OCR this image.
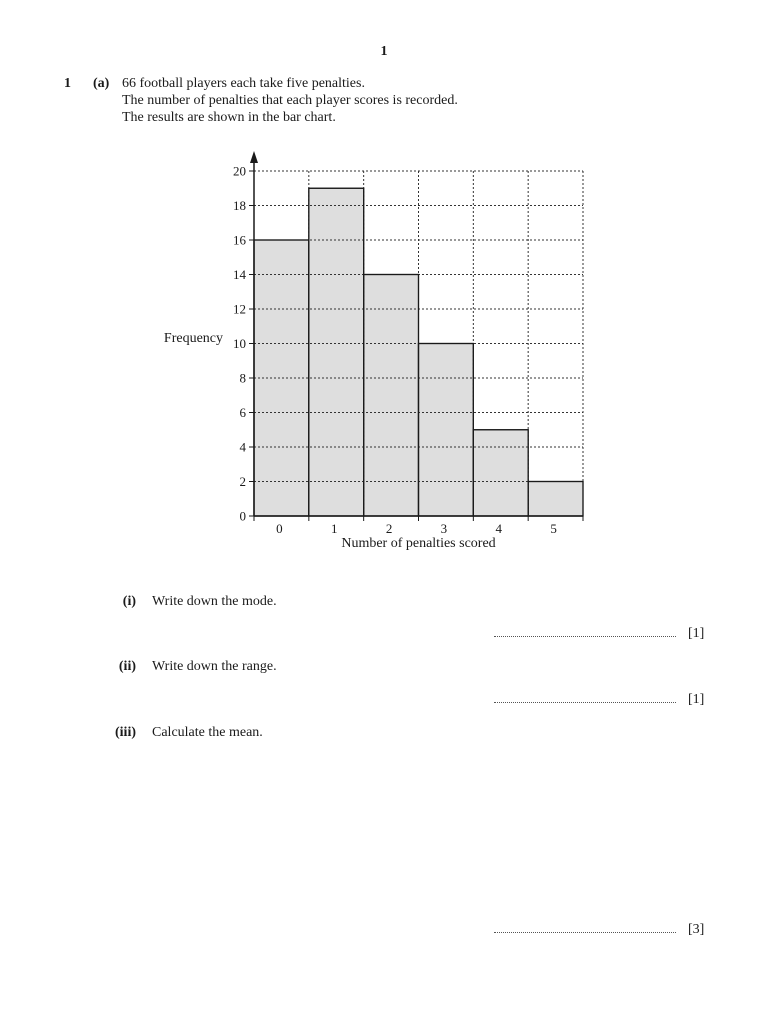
1
1 (a) 66 football players each take five penalties.
The number of penalties that each player scores is recorded.
The results are shown in the bar chart.
0
2
4
6
8
10
12
14
16
18
20
0	1	2	3	4	5
Frequency
Number of penalties scored
(i) Write down the mode.
[1]
(ii) Write down the range.
[1]
(iii) Calculate the mean.
[3]
